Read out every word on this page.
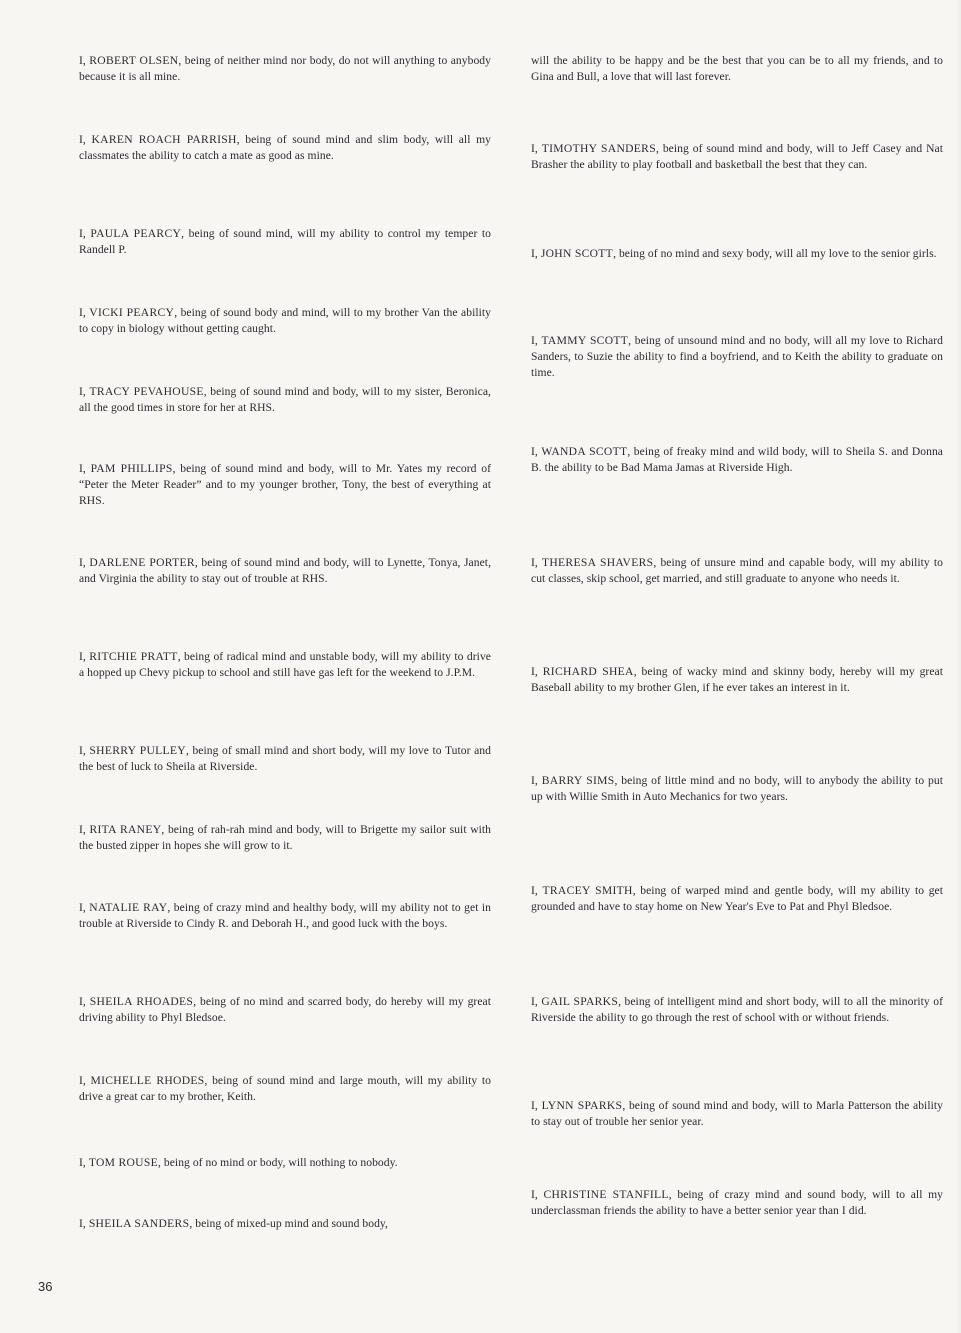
I, ROBERT OLSEN, being of neither mind nor body, do not will anything to anybody because it is all mine.
I, KAREN ROACH PARRISH, being of sound mind and slim body, will all my classmates the ability to catch a mate as good as mine.
I, PAULA PEARCY, being of sound mind, will my ability to control my temper to Randell P.
I, VICKI PEARCY, being of sound body and mind, will to my brother Van the ability to copy in biology without getting caught.
I, TRACY PEVAHOUSE, being of sound mind and body, will to my sister, Beronica, all the good times in store for her at RHS.
I, PAM PHILLIPS, being of sound mind and body, will to Mr. Yates my record of “Peter the Meter Reader” and to my younger brother, Tony, the best of everything at RHS.
I, DARLENE PORTER, being of sound mind and body, will to Lynette, Tonya, Janet, and Virginia the ability to stay out of trouble at RHS.
I, RITCHIE PRATT, being of radical mind and unstable body, will my ability to drive a hopped up Chevy pickup to school and still have gas left for the weekend to J.P.M.
I, SHERRY PULLEY, being of small mind and short body, will my love to Tutor and the best of luck to Sheila at Riverside.
I, RITA RANEY, being of rah-rah mind and body, will to Brigette my sailor suit with the busted zipper in hopes she will grow to it.
I, NATALIE RAY, being of crazy mind and healthy body, will my ability not to get in trouble at Riverside to Cindy R. and Deborah H., and good luck with the boys.
I, SHEILA RHOADES, being of no mind and scarred body, do hereby will my great driving ability to Phyl Bledsoe.
I, MICHELLE RHODES, being of sound mind and large mouth, will my ability to drive a great car to my brother, Keith.
I, TOM ROUSE, being of no mind or body, will nothing to nobody.
I, SHEILA SANDERS, being of mixed-up mind and sound body,
will the ability to be happy and be the best that you can be to all my friends, and to Gina and Bull, a love that will last forever.
I, TIMOTHY SANDERS, being of sound mind and body, will to Jeff Casey and Nat Brasher the ability to play football and basketball the best that they can.
I, JOHN SCOTT, being of no mind and sexy body, will all my love to the senior girls.
I, TAMMY SCOTT, being of unsound mind and no body, will all my love to Richard Sanders, to Suzie the ability to find a boyfriend, and to Keith the ability to graduate on time.
I, WANDA SCOTT, being of freaky mind and wild body, will to Sheila S. and Donna B. the ability to be Bad Mama Jamas at Riverside High.
I, THERESA SHAVERS, being of unsure mind and capable body, will my ability to cut classes, skip school, get married, and still graduate to anyone who needs it.
I, RICHARD SHEA, being of wacky mind and skinny body, hereby will my great Baseball ability to my brother Glen, if he ever takes an interest in it.
I, BARRY SIMS, being of little mind and no body, will to anybody the ability to put up with Willie Smith in Auto Mechanics for two years.
I, TRACEY SMITH, being of warped mind and gentle body, will my ability to get grounded and have to stay home on New Year's Eve to Pat and Phyl Bledsoe.
I, GAIL SPARKS, being of intelligent mind and short body, will to all the minority of Riverside the ability to go through the rest of school with or without friends.
I, LYNN SPARKS, being of sound mind and body, will to Marla Patterson the ability to stay out of trouble her senior year.
I, CHRISTINE STANFILL, being of crazy mind and sound body, will to all my underclassman friends the ability to have a better senior year than I did.
36
